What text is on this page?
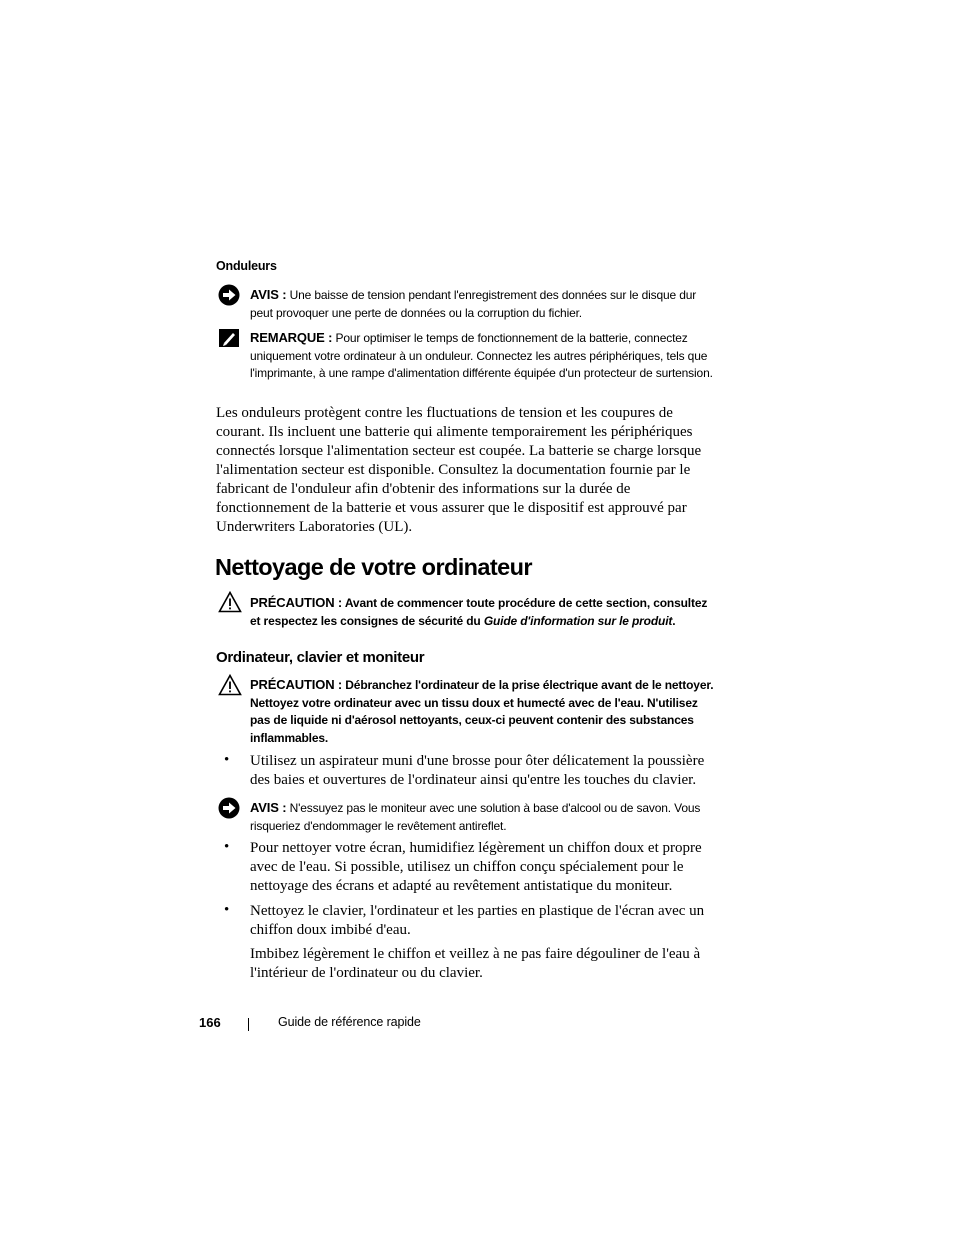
Onduleurs
AVIS : Une baisse de tension pendant l'enregistrement des données sur le disque dur peut provoquer une perte de données ou la corruption du fichier.
REMARQUE : Pour optimiser le temps de fonctionnement de la batterie, connectez uniquement votre ordinateur à un onduleur. Connectez les autres périphériques, tels que l'imprimante, à une rampe d'alimentation différente équipée d'un protecteur de surtension.

Les onduleurs protègent contre les fluctuations de tension et les coupures de courant. Ils incluent une batterie qui alimente temporairement les périphériques connectés lorsque l'alimentation secteur est coupée. La batterie se charge lorsque l'alimentation secteur est disponible. Consultez la documentation fournie par le fabricant de l'onduleur afin d'obtenir des informations sur la durée de fonctionnement de la batterie et vous assurer que le dispositif est approuvé par Underwriters Laboratories (UL).

Nettoyage de votre ordinateur
PRÉCAUTION : Avant de commencer toute procédure de cette section, consultez et respectez les consignes de sécurité du Guide d'information sur le produit.
Ordinateur, clavier et moniteur
PRÉCAUTION : Débranchez l'ordinateur de la prise électrique avant de le nettoyer. Nettoyez votre ordinateur avec un tissu doux et humecté avec de l'eau. N'utilisez pas de liquide ni d'aérosol nettoyants, ceux-ci peuvent contenir des substances inflammables.
• Utilisez un aspirateur muni d'une brosse pour ôter délicatement la poussière des baies et ouvertures de l'ordinateur ainsi qu'entre les touches du clavier.

AVIS : N'essuyez pas le moniteur avec une solution à base d'alcool ou de savon. Vous risqueriez d'endommager le revêtement antireflet.
• Pour nettoyer votre écran, humidifiez légèrement un chiffon doux et propre avec de l'eau. Si possible, utilisez un chiffon conçu spécialement pour le nettoyage des écrans et adapté au revêtement antistatique du moniteur.

• Nettoyez le clavier, l'ordinateur et les parties en plastique de l'écran avec un chiffon doux imbibé d'eau.

Imbibez légèrement le chiffon et veillez à ne pas faire dégouliner de l'eau à l'intérieur de l'ordinateur ou du clavier.

166	Guide de référence rapide
